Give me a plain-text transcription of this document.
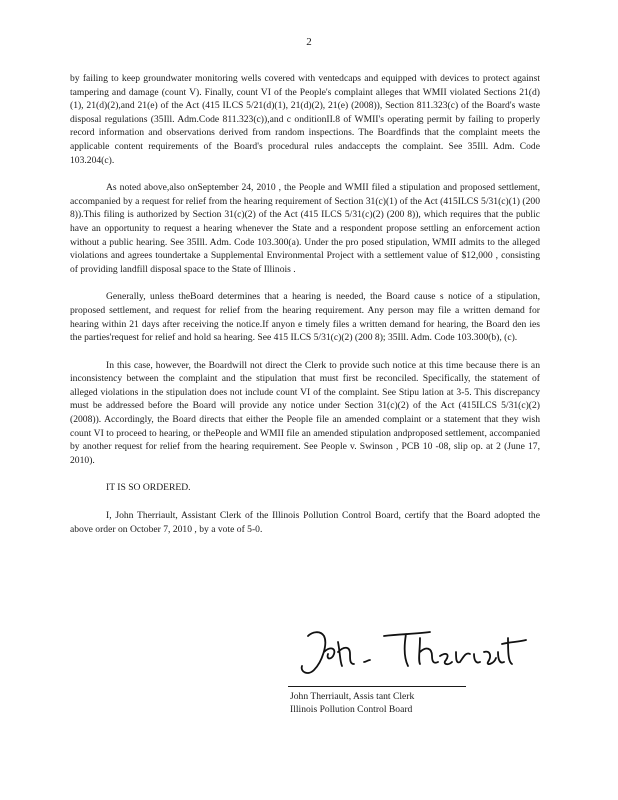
2

by failing to keep groundwater monitoring wells covered with ventedcaps and equipped with devices to protect against tampering and damage (count V). Finally, count VI of the People's complaint alleges that WMII violated Sections 21(d)(1), 21(d)(2),and 21(e) of the Act (415 ILCS 5/21(d)(1), 21(d)(2), 21(e) (2008)), Section 811.323(c) of the Board's waste disposal regulations (35Ill. Adm.Code 811.323(c)),and c onditionII.8 of WMII's operating permit by failing to properly record information and observations derived from random inspections. The Boardfinds that the complaint meets the applicable content requirements of the Board's procedural rules andaccepts the complaint. See 35Ill. Adm. Code 103.204(c).

As noted above,also onSeptember 24, 2010 , the People and WMII filed a stipulation and proposed settlement, accompanied by a request for relief from the hearing requirement of Section 31(c)(1) of the Act (415ILCS 5/31(c)(1) (200 8)).This filing is authorized by Section 31(c)(2) of the Act (415 ILCS 5/31(c)(2) (200 8)), which requires that the public have an opportunity to request a hearing whenever the State and a respondent propose settling an enforcement action without a public hearing. See 35Ill. Adm. Code 103.300(a). Under the pro posed stipulation, WMII admits to the alleged violations and agrees toundertake a Supplemental Environmental Project with a settlement value of $12,000 , consisting of providing landfill disposal space to the State of Illinois .

Generally, unless theBoard determines that a hearing is needed, the Board cause s notice of a stipulation, proposed settlement, and request for relief from the hearing requirement. Any person may file a written demand for hearing within 21 days after receiving the notice.If anyon e timely files a written demand for hearing, the Board den ies the parties'request for relief and hold sa hearing. See 415 ILCS 5/31(c)(2) (200 8); 35Ill. Adm. Code 103.300(b), (c).

In this case, however, the Boardwill not direct the Clerk to provide such notice at this time because there is an inconsistency between the complaint and the stipulation that must first be reconciled. Specifically, the statement of alleged violations in the stipulation does not include count VI of the complaint. See Stipu lation at 3-5. This discrepancy must be addressed before the Board will provide any notice under Section 31(c)(2) of the Act (415ILCS 5/31(c)(2) (2008)). Accordingly, the Board directs that either the People file an amended complaint or a statement that they wish count VI to proceed to hearing, or thePeople and WMII file an amended stipulation andproposed settlement, accompanied by another request for relief from the hearing requirement. See People v. Swinson , PCB 10 -08, slip op. at 2 (June 17, 2010).

IT IS SO ORDERED.

I, John Therriault, Assistant Clerk of the Illinois Pollution Control Board, certify that the Board adopted the above order on October 7, 2010 , by a vote of 5-0.

John Therriault, Assis tant Clerk
Illinois Pollution Control Board
